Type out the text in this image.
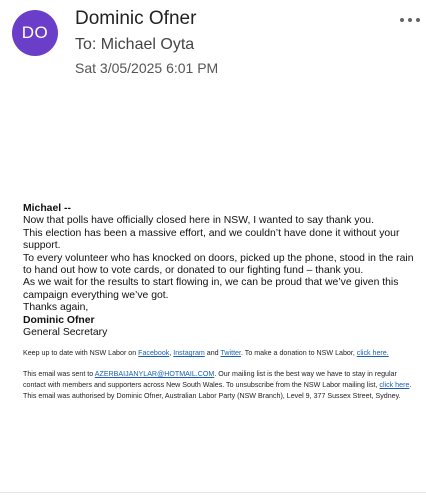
DO
Dominic Ofner
To: Michael Oyta
Sat 3/05/2025 6:01 PM

Michael --

Now that polls have officially closed here in NSW, I wanted to say thank you.

This election has been a massive effort, and we couldn’t have done it without your support.

To every volunteer who has knocked on doors, picked up the phone, stood in the rain to hand out how to vote cards, or donated to our fighting fund – thank you.

As we wait for the results to start flowing in, we can be proud that we’ve given this campaign everything we’ve got.

Thanks again,

Dominic Ofner

General Secretary

Keep up to date with NSW Labor on Facebook, Instagram and Twitter. To make a donation to NSW Labor, click here.
This email was sent to AZERBAIJANYLAR@HOTMAIL.COM. Our mailing list is the best way we have to stay in regular contact with members and supporters across New South Wales. To unsubscribe from the NSW Labor mailing list, click here. This email was authorised by Dominic Ofner, Australian Labor Party (NSW Branch), Level 9, 377 Sussex Street, Sydney.
